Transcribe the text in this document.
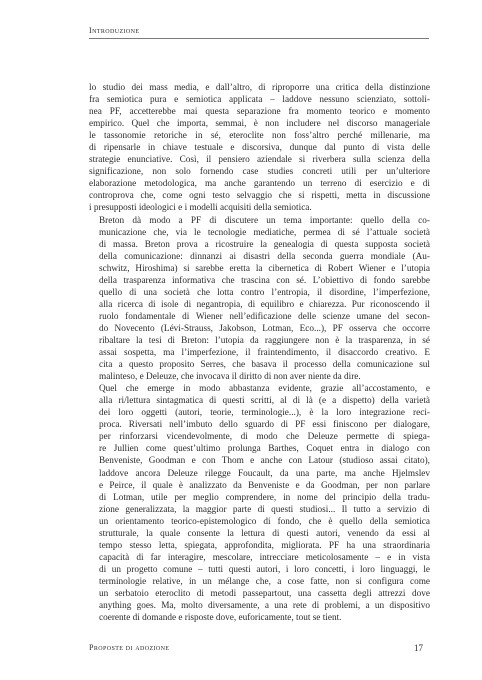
Introduzione
lo studio dei mass media, e dall’altro, di riproporre una critica della distinzione
fra semiotica pura e semiotica applicata – laddove nessuno scienziato, sottoli-
nea PF, accetterebbe mai questa separazione fra momento teorico e momento
empirico. Quel che importa, semmai, è non includere nel discorso manageriale
le tassonomie retoriche in sé, eteroclite non foss’altro perché millenarie, ma
di ripensarle in chiave testuale e discorsiva, dunque dal punto di vista delle
strategie enunciative. Così, il pensiero aziendale si riverbera sulla scienza della
significazione, non solo fornendo case studies concreti utili per un’ulteriore
elaborazione metodologica, ma anche garantendo un terreno di esercizio e di
controprova che, come ogni testo selvaggio che si rispetti, metta in discussione
i presupposti ideologici e i modelli acquisiti della semiotica.
Breton dà modo a PF di discutere un tema importante: quello della co-
municazione che, via le tecnologie mediatiche, permea di sé l’attuale società
di massa. Breton prova a ricostruire la genealogia di questa supposta società
della comunicazione: dinnanzi ai disastri della seconda guerra mondiale (Au-
schwitz, Hiroshima) si sarebbe eretta la cibernetica di Robert Wiener e l’utopia
della trasparenza informativa che trascina con sé. L’obiettivo di fondo sarebbe
quello di una società che lotta contro l’entropia, il disordine, l’imperfezione,
alla ricerca di isole di negantropia, di equilibro e chiarezza. Pur riconoscendo il
ruolo fondamentale di Wiener nell’edificazione delle scienze umane del secon-
do Novecento (Lévi-Strauss, Jakobson, Lotman, Eco...), PF osserva che occorre
ribaltare la tesi di Breton: l’utopia da raggiungere non è la trasparenza, in sé
assai sospetta, ma l’imperfezione, il fraintendimento, il disaccordo creativo. E
cita a questo proposito Serres, che basava il processo della comunicazione sul
malinteso, e Deleuze, che invocava il diritto di non aver niente da dire.
Quel che emerge in modo abbastanza evidente, grazie all’accostamento, e
alla ri/lettura sintagmatica di questi scritti, al di là (e a dispetto) della varietà
dei loro oggetti (autori, teorie, terminologie...), è la loro integrazione reci-
proca. Riversati nell’imbuto dello sguardo di PF essi finiscono per dialogare,
per rinforzarsi vicendevolmente, di modo che Deleuze permette di spiega-
re Jullien come quest’ultimo prolunga Barthes, Coquet entra in dialogo con
Benveniste, Goodman e con Thom e anche con Latour (studioso assai citato),
laddove ancora Deleuze rilegge Foucault, da una parte, ma anche Hjelmslev
e Peirce, il quale è analizzato da Benveniste e da Goodman, per non parlare
di Lotman, utile per meglio comprendere, in nome del principio della tradu-
zione generalizzata, la maggior parte di questi studiosi... Il tutto a servizio di
un orientamento teorico-epistemologico di fondo, che è quello della semiotica
strutturale, la quale consente la lettura di questi autori, venendo da essi al
tempo stesso letta, spiegata, approfondita, migliorata. PF ha una straordinaria
capacità di far interagire, mescolare, intrecciare meticolosamente – e in vista
di un progetto comune – tutti questi autori, i loro concetti, i loro linguaggi, le
terminologie relative, in un mélange che, a cose fatte, non si configura come
un serbatoio eteroclito di metodi passepartout, una cassetta degli attrezzi dove
anything goes. Ma, molto diversamente, a una rete di problemi, a un dispositivo
coerente di domande e risposte dove, euforicamente, tout se tient.
Proposte di adozione	17
